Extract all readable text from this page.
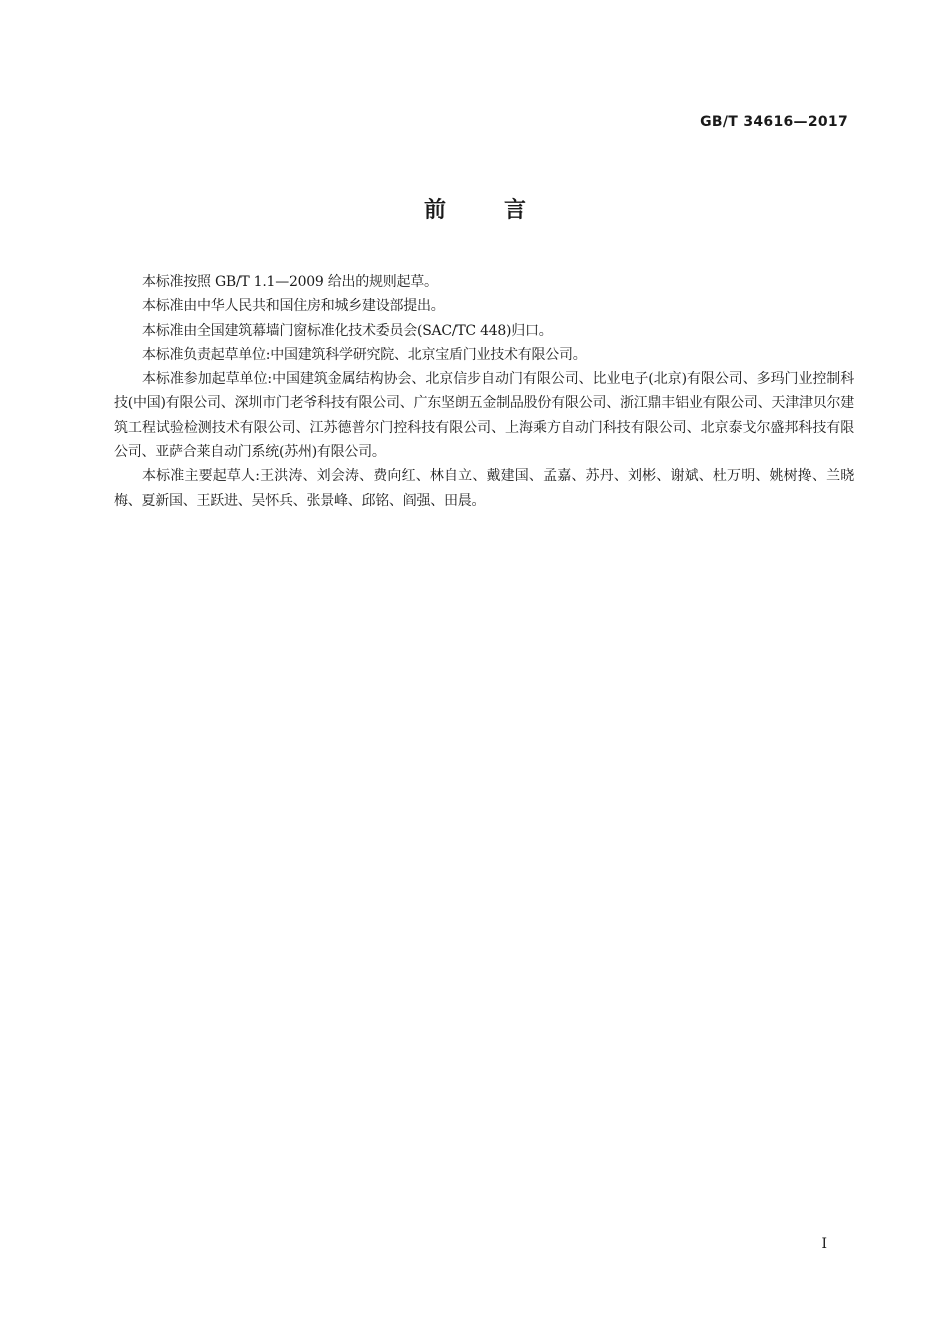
GB/T 34616—2017
前	言

本标准按照 GB/T 1.1—2009 给出的规则起草。

本标准由中华人民共和国住房和城乡建设部提出。

本标准由全国建筑幕墙门窗标准化技术委员会(SAC/TC 448)归口。

本标准负责起草单位:中国建筑科学研究院、北京宝盾门业技术有限公司。

本标准参加起草单位:中国建筑金属结构协会、北京信步自动门有限公司、比业电子(北京)有限公司、多玛门业控制科技(中国)有限公司、深圳市门老爷科技有限公司、广东坚朗五金制品股份有限公司、浙江鼎丰铝业有限公司、天津津贝尔建筑工程试验检测技术有限公司、江苏德普尔门控科技有限公司、上海乘方自动门科技有限公司、北京泰戈尔盛邦科技有限公司、亚萨合莱自动门系统(苏州)有限公司。

本标准主要起草人:王洪涛、刘会涛、费向红、林自立、戴建国、孟嘉、苏丹、刘彬、谢斌、杜万明、姚树搀、兰晓梅、夏新国、王跃进、吴怀兵、张景峰、邱铭、阎强、田晨。

I
